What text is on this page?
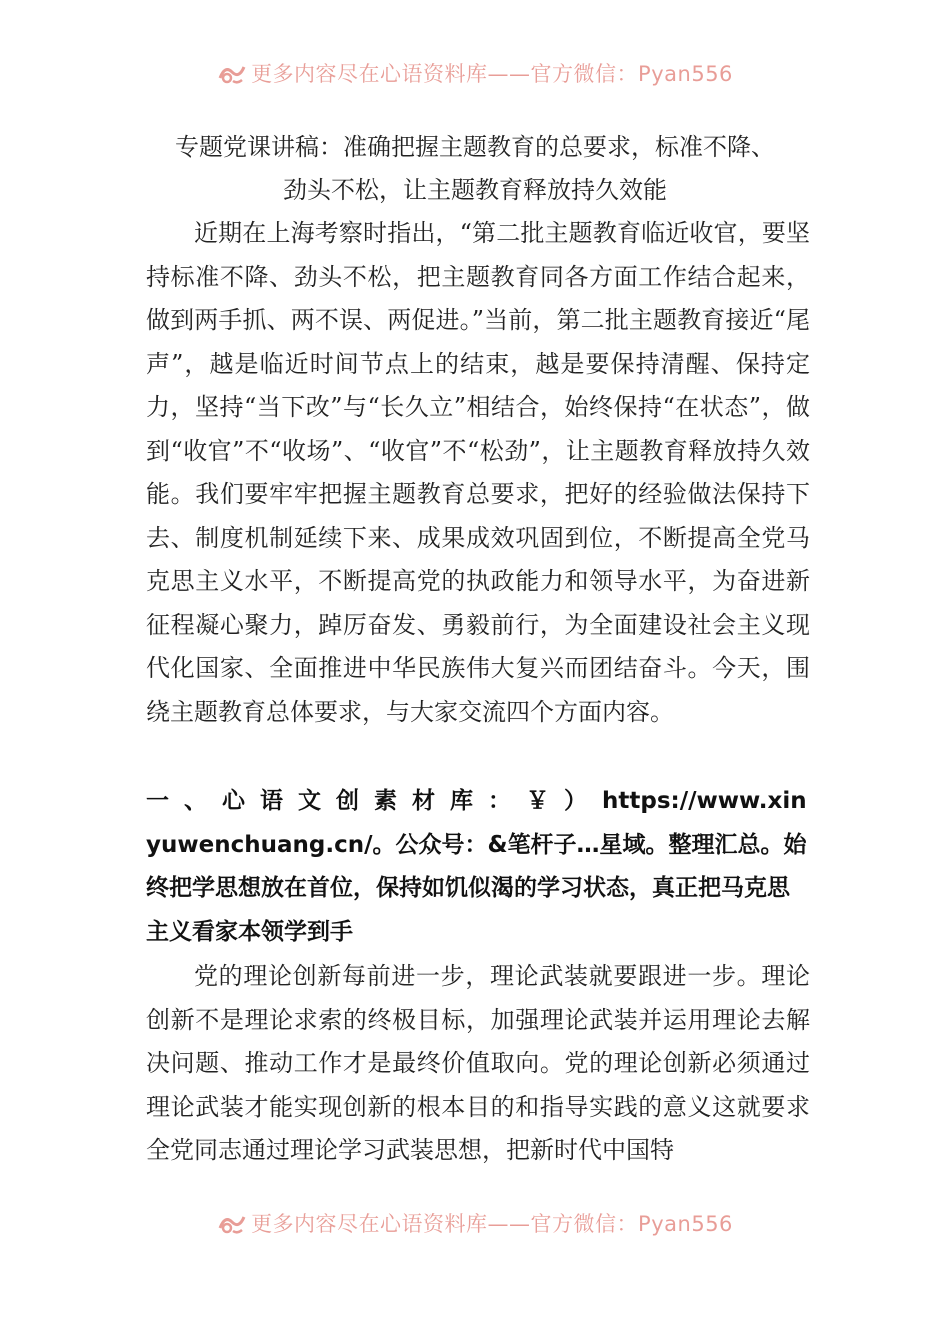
更多内容尽在心语资料库——官方微信：Pyan556
专题党课讲稿：准确把握主题教育的总要求，标准不降、
劲头不松，让主题教育释放持久效能
近期在上海考察时指出，“第二批主题教育临近收官，要坚持标准不降、劲头不松，把主题教育同各方面工作结合起来，做到两手抓、两不误、两促进。”当前，第二批主题教育接近“尾声”，越是临近时间节点上的结束，越是要保持清醒、保持定力，坚持“当下改”与“长久立”相结合，始终保持“在状态”，做到“收官”不“收场”、“收官”不“松劲”，让主题教育释放持久效能。我们要牢牢把握主题教育总要求，把好的经验做法保持下去、制度机制延续下来、成果成效巩固到位，不断提高全党马克思主义水平，不断提高党的执政能力和领导水平，为奋进新征程凝心聚力，踔厉奋发、勇毅前行，为全面建设社会主义现代化国家、全面推进中华民族伟大复兴而团结奋斗。今天，围绕主题教育总体要求，与大家交流四个方面内容。
一、心语文创素材库：￥）https://www.xinyuwenchuang.cn/。公众号：&笔杆子…星域。整理汇总。始终把学思想放在首位，保持如饥似渴的学习状态，真正把马克思主义看家本领学到手
党的理论创新每前进一步，理论武装就要跟进一步。理论创新不是理论求索的终极目标，加强理论武装并运用理论去解决问题、推动工作才是最终价值取向。党的理论创新必须通过理论武装才能实现创新的根本目的和指导实践的意义这就要求全党同志通过理论学习武装思想，把新时代中国特
更多内容尽在心语资料库——官方微信：Pyan556
